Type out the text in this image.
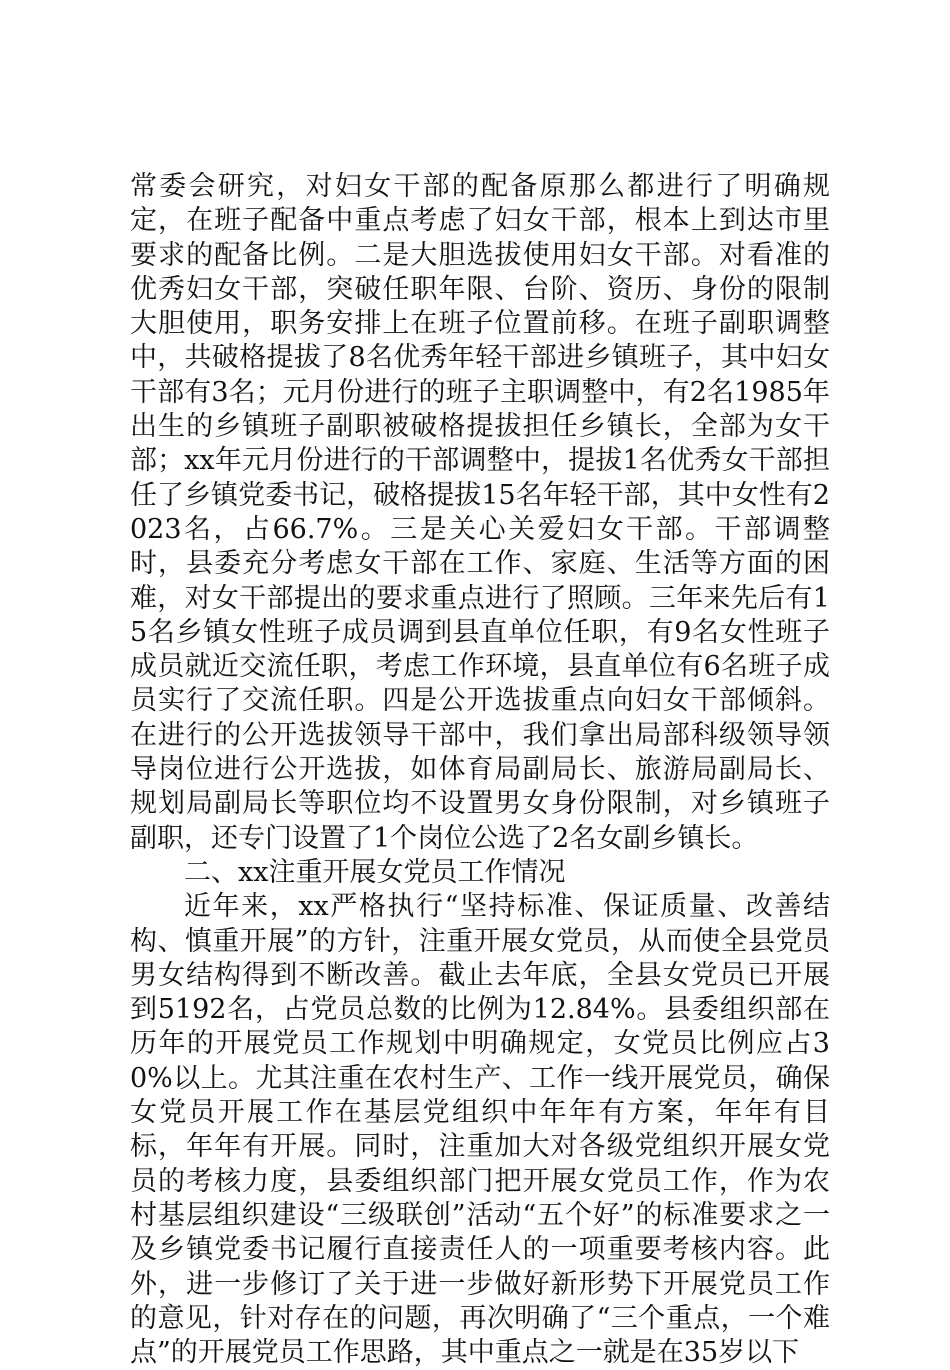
常委会研究，对妇女干部的配备原那么都进行了明确规定，在班子配备中重点考虑了妇女干部，根本上到达市里要求的配备比例。二是大胆选拔使用妇女干部。对看准的优秀妇女干部，突破任职年限、台阶、资历、身份的限制大胆使用，职务安排上在班子位置前移。在班子副职调整中，共破格提拔了8名优秀年轻干部进乡镇班子，其中妇女干部有3名；元月份进行的班子主职调整中，有2名1985年出生的乡镇班子副职被破格提拔担任乡镇长，全部为女干部；xx年元月份进行的干部调整中，提拔1名优秀女干部担任了乡镇党委书记，破格提拔15名年轻干部，其中女性有2023名，占66.7%。三是关心关爱妇女干部。干部调整时，县委充分考虑女干部在工作、家庭、生活等方面的困难，对女干部提出的要求重点进行了照顾。三年来先后有15名乡镇女性班子成员调到县直单位任职，有9名女性班子成员就近交流任职，考虑工作环境，县直单位有6名班子成员实行了交流任职。四是公开选拔重点向妇女干部倾斜。在进行的公开选拔领导干部中，我们拿出局部科级领导领导岗位进行公开选拔，如体育局副局长、旅游局副局长、规划局副局长等职位均不设置男女身份限制，对乡镇班子副职，还专门设置了1个岗位公选了2名女副乡镇长。

二、xx注重开展女党员工作情况

近年来，xx严格执行“坚持标准、保证质量、改善结构、慎重开展”的方针，注重开展女党员，从而使全县党员男女结构得到不断改善。截止去年底，全县女党员已开展到5192名，占党员总数的比例为12.84%。县委组织部在历年的开展党员工作规划中明确规定，女党员比例应占30%以上。尤其注重在农村生产、工作一线开展党员，确保女党员开展工作在基层党组织中年年有方案，年年有目标，年年有开展。同时，注重加大对各级党组织开展女党员的考核力度，县委组织部门把开展女党员工作，作为农村基层组织建设“三级联创”活动“五个好”的标准要求之一及乡镇党委书记履行直接责任人的一项重要考核内容。此外，进一步修订了关于进一步做好新形势下开展党员工作的意见，针对存在的问题，再次明确了“三个重点，一个难点”的开展党员工作思路，其中重点之一就是在35岁以下
